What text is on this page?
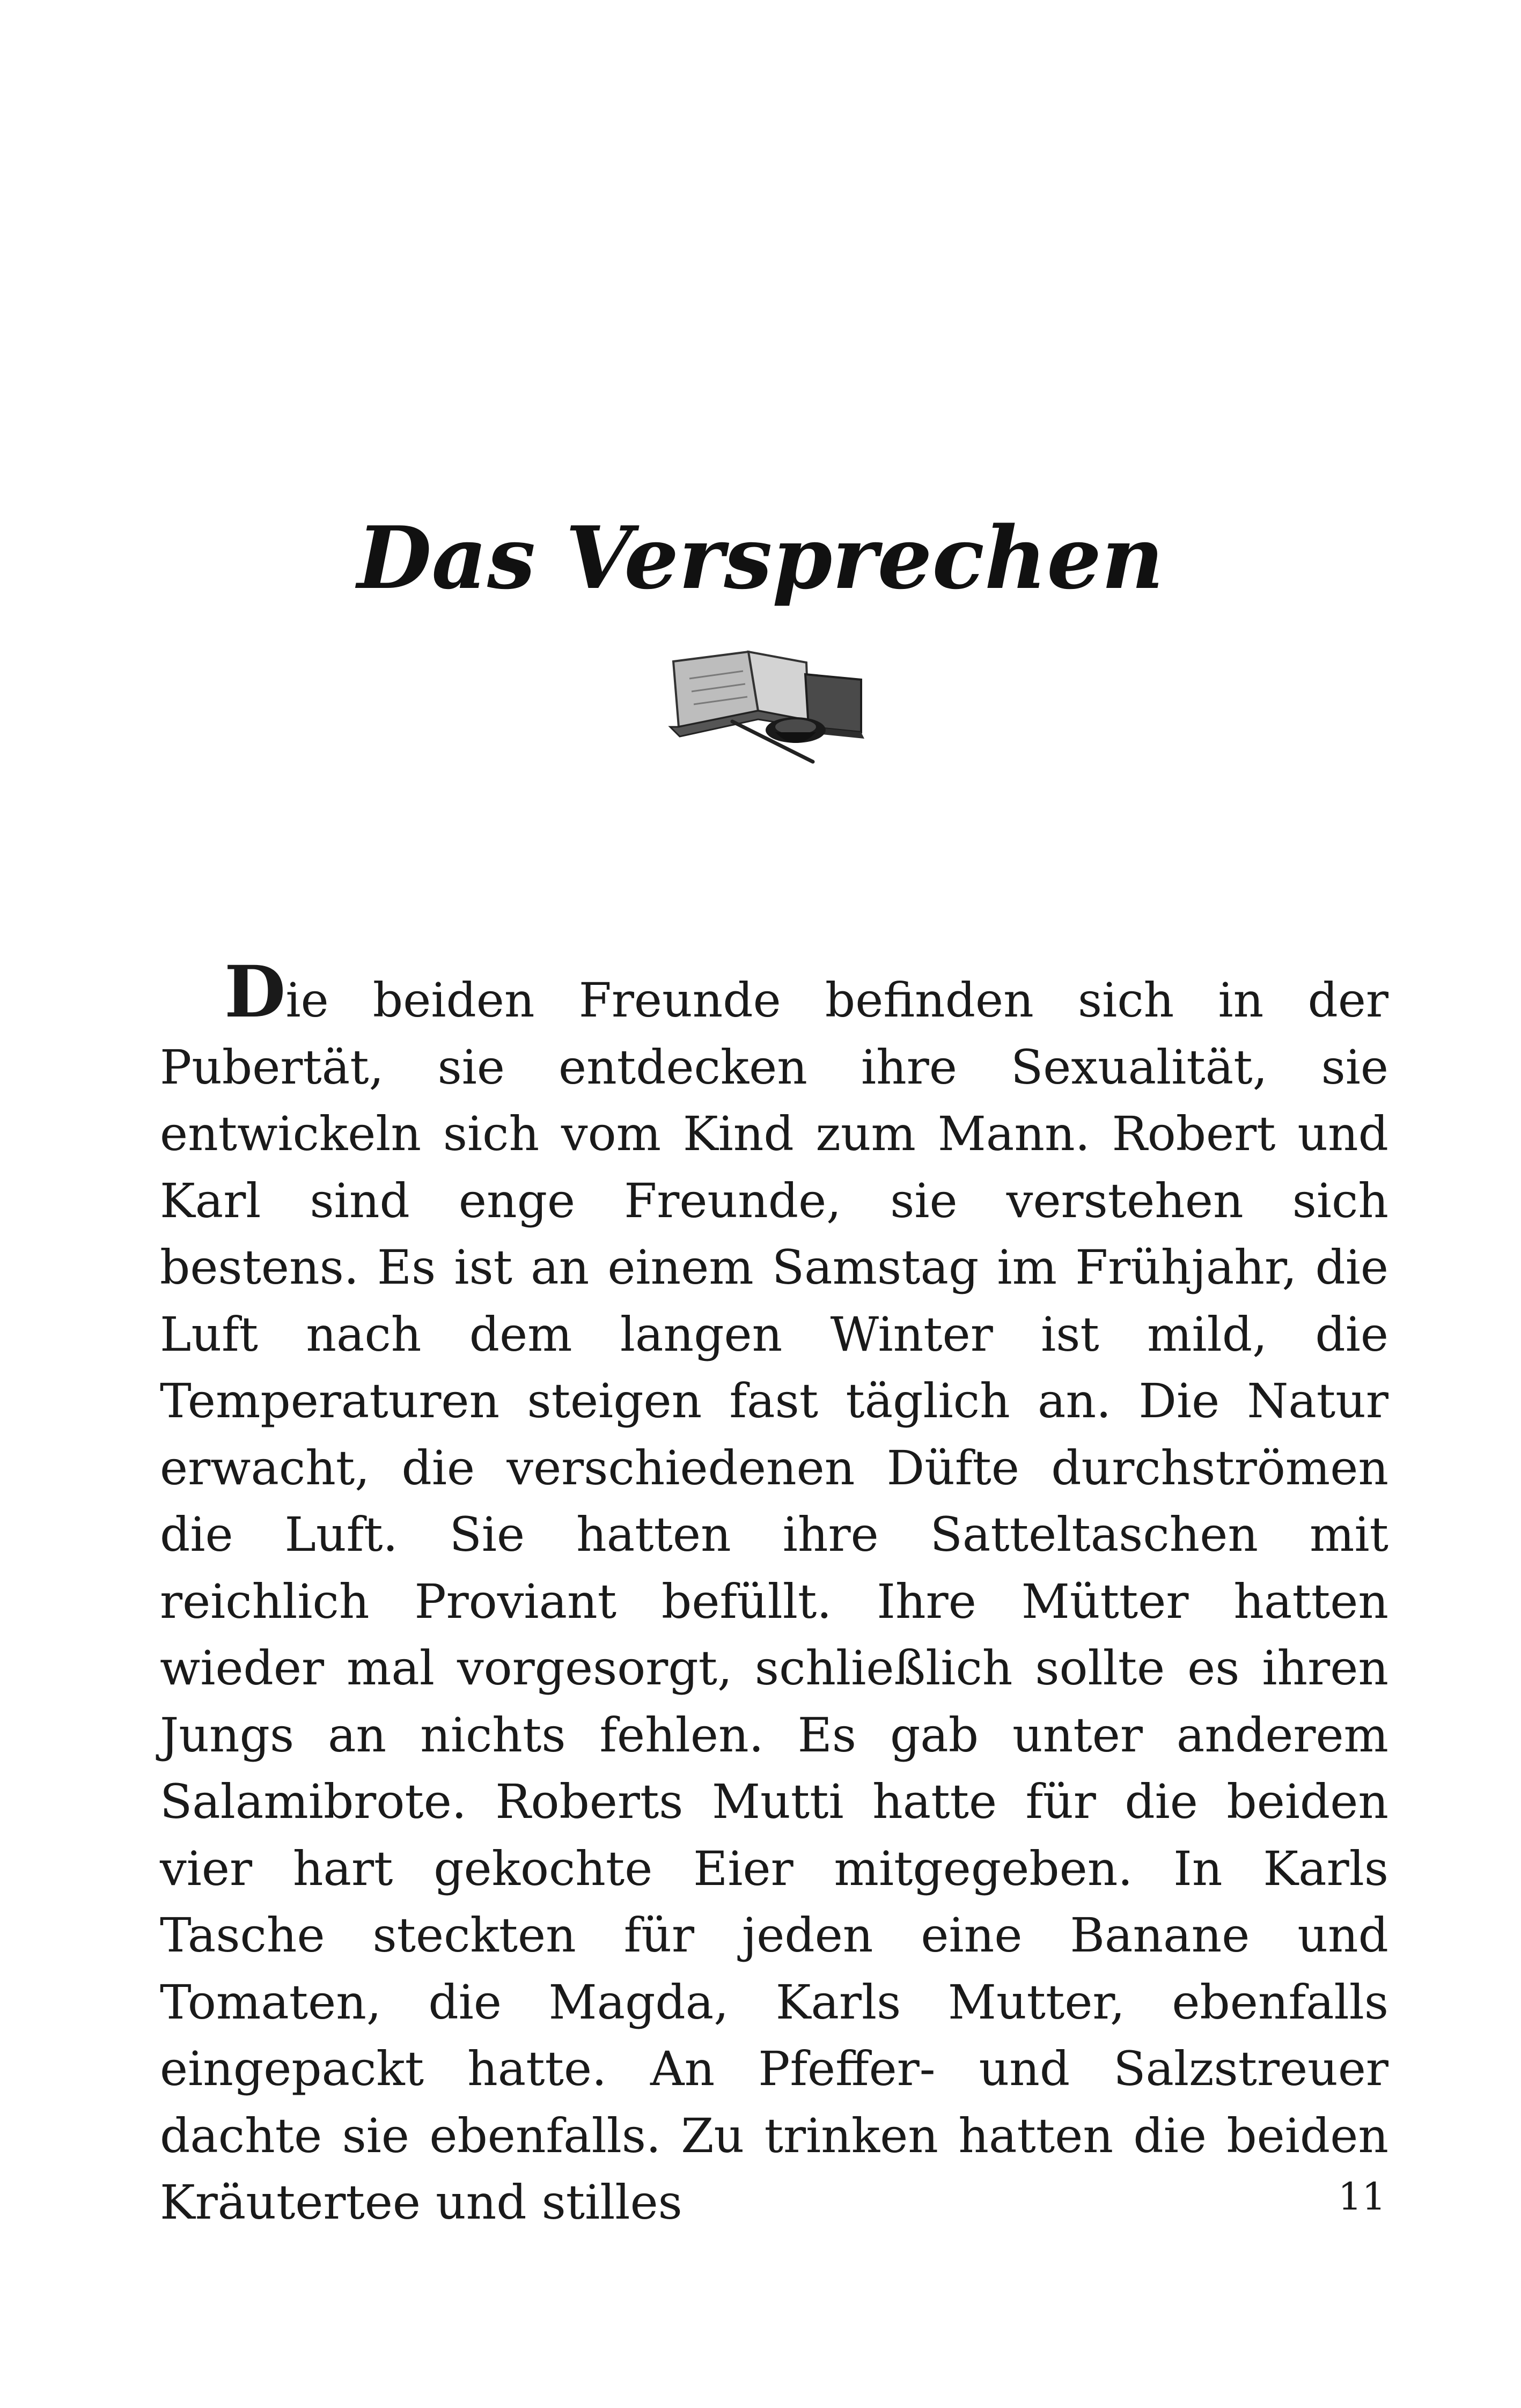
Das Versprechen

Die beiden Freunde befinden sich in der Pubertät, sie entdecken ihre Sexualität, sie entwickeln sich vom Kind zum Mann. Robert und Karl sind enge Freunde, sie verstehen sich bestens. Es ist an einem Samstag im Frühjahr, die Luft nach dem langen Winter ist mild, die Temperaturen steigen fast täglich an. Die Natur erwacht, die verschiedenen Düfte durchströmen die Luft. Sie hatten ihre Satteltaschen mit reichlich Proviant befüllt. Ihre Mütter hatten wieder mal vorgesorgt, schließlich sollte es ihren Jungs an nichts fehlen. Es gab unter anderem Salamibrote. Roberts Mutti hatte für die beiden vier hart gekochte Eier mitgegeben. In Karls Tasche steckten für jeden eine Banane und Tomaten, die Magda, Karls Mutter, ebenfalls eingepackt hatte. An Pfeffer- und Salzstreuer dachte sie ebenfalls. Zu trinken hatten die beiden Kräutertee und stilles	11
